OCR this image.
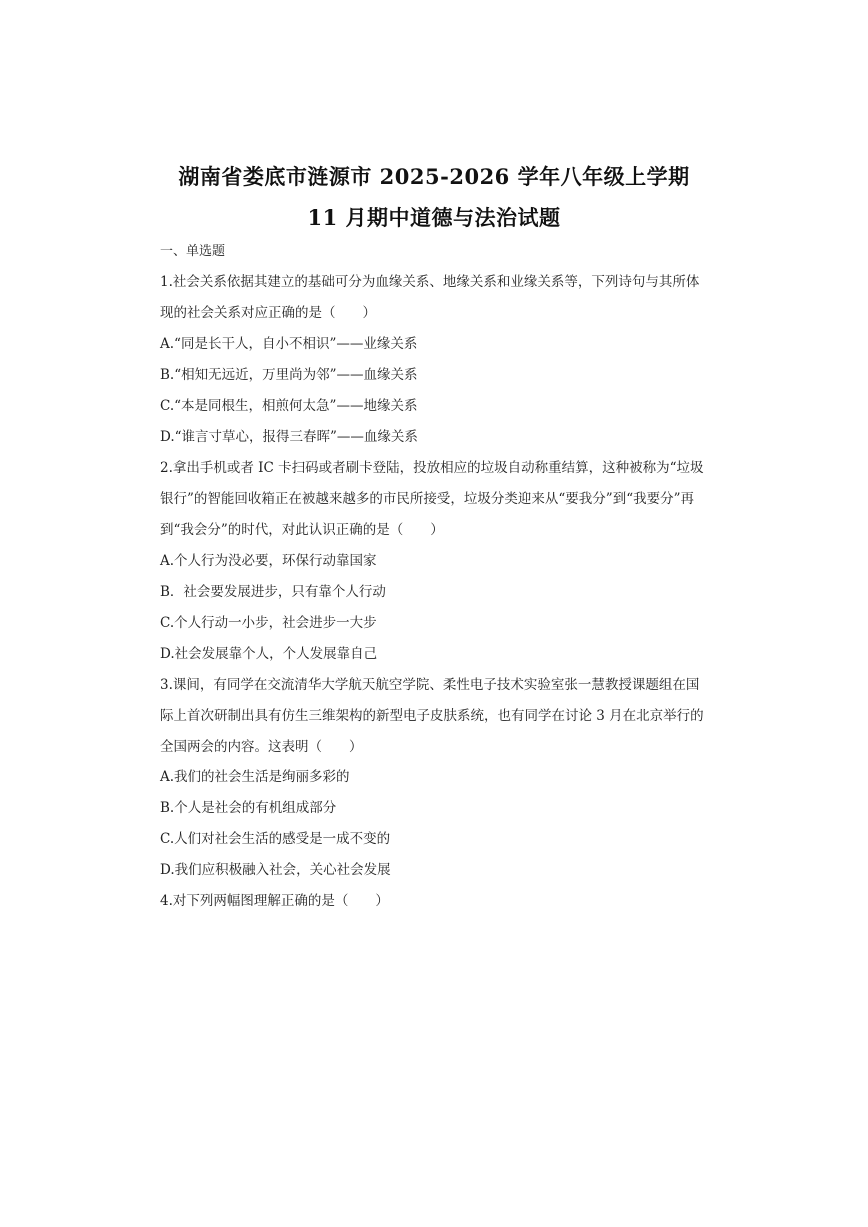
湖南省娄底市涟源市 2025-2026 学年八年级上学期
11 月期中道德与法治试题
一、单选题
1.社会关系依据其建立的基础可分为血缘关系、地缘关系和业缘关系等，下列诗句与其所体
现的社会关系对应正确的是（　　）
A.“同是长干人，自小不相识”——业缘关系
B.“相知无远近，万里尚为邻”——血缘关系
C.“本是同根生，相煎何太急”——地缘关系
D.“谁言寸草心，报得三春晖”——血缘关系
2.拿出手机或者 IC 卡扫码或者刷卡登陆，投放相应的垃圾自动称重结算，这种被称为“垃圾
银行”的智能回收箱正在被越来越多的市民所接受，垃圾分类迎来从“要我分”到“我要分”再
到“我会分”的时代，对此认识正确的是（　　）
A.个人行为没必要，环保行动靠国家
B．社会要发展进步，只有靠个人行动
C.个人行动一小步，社会进步一大步
D.社会发展靠个人，个人发展靠自己
3.课间，有同学在交流清华大学航天航空学院、柔性电子技术实验室张一慧教授课题组在国
际上首次研制出具有仿生三维架构的新型电子皮肤系统，也有同学在讨论 3 月在北京举行的
全国两会的内容。这表明（　　）
A.我们的社会生活是绚丽多彩的
B.个人是社会的有机组成部分
C.人们对社会生活的感受是一成不变的
D.我们应积极融入社会，关心社会发展
4.对下列两幅图理解正确的是（　　）
